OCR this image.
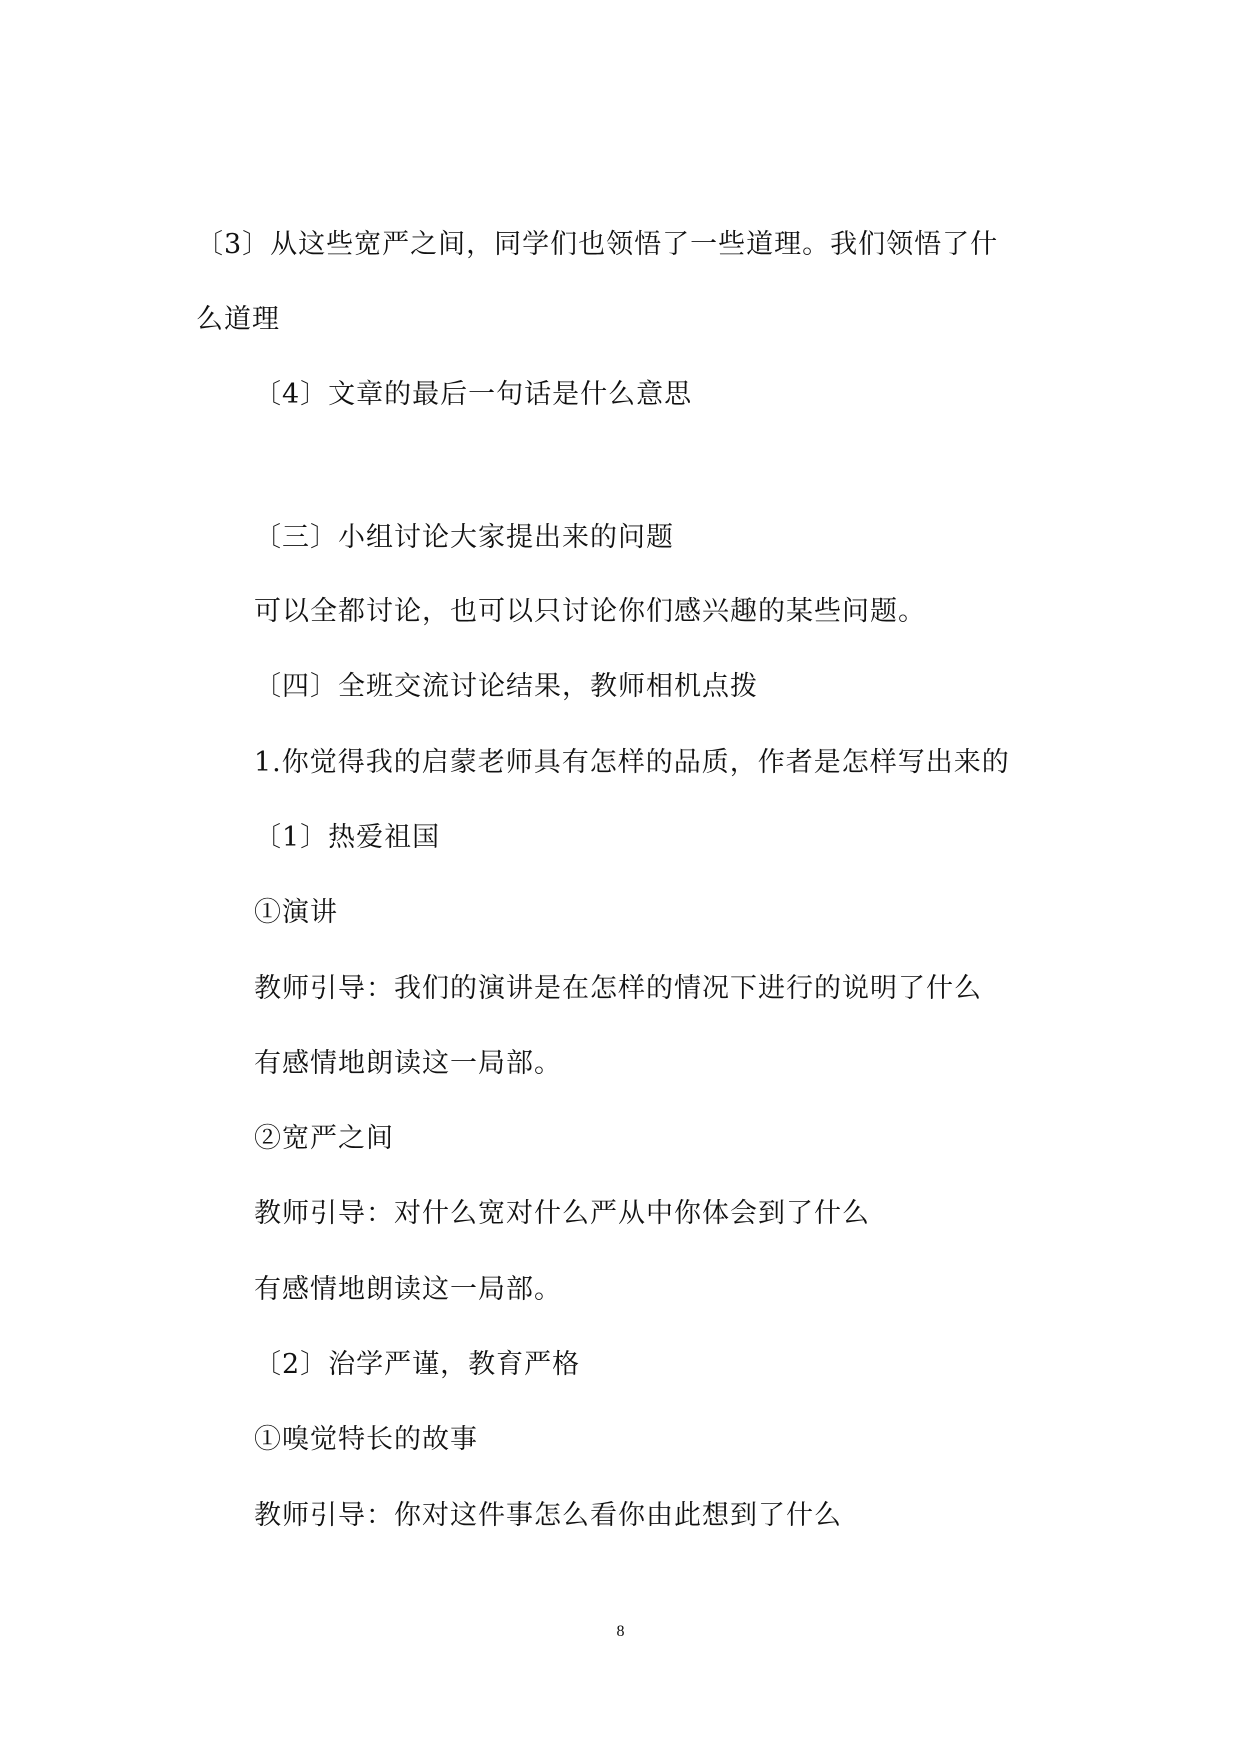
〔3〕从这些宽严之间，同学们也领悟了一些道理。我们领悟了什
么道理
〔4〕文章的最后一句话是什么意思
〔三〕小组讨论大家提出来的问题
可以全都讨论，也可以只讨论你们感兴趣的某些问题。
〔四〕全班交流讨论结果，教师相机点拨
1.你觉得我的启蒙老师具有怎样的品质，作者是怎样写出来的
〔1〕热爱祖国
①演讲
教师引导：我们的演讲是在怎样的情况下进行的说明了什么
有感情地朗读这一局部。
②宽严之间
教师引导：对什么宽对什么严从中你体会到了什么
有感情地朗读这一局部。
〔2〕治学严谨，教育严格
①嗅觉特长的故事
教师引导：你对这件事怎么看你由此想到了什么
8
